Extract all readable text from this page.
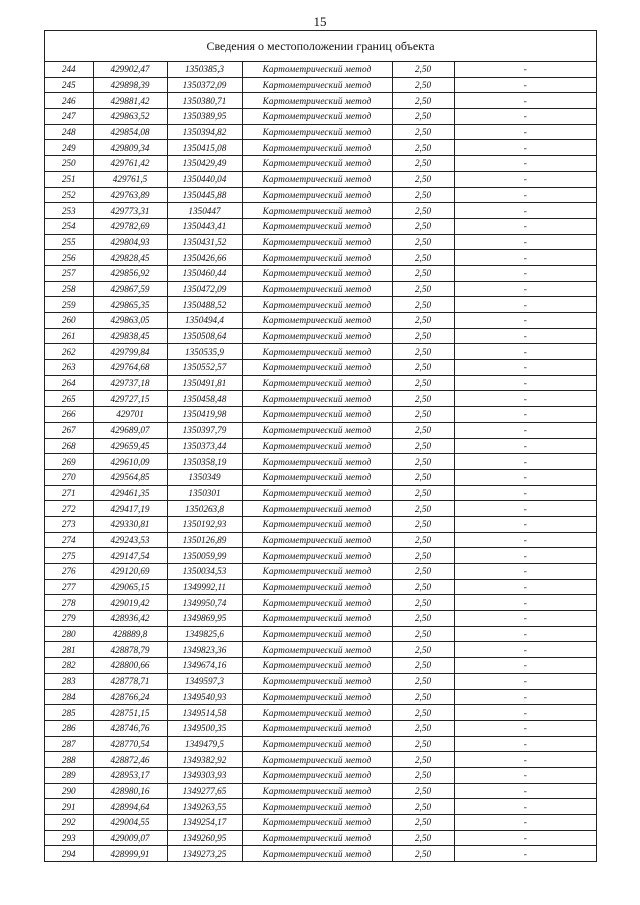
15
Сведения о местоположении границ объекта
244	429902,47	1350385,3	Картометрический метод	2,50	-
245	429898,39	1350372,09	Картометрический метод	2,50	-
246	429881,42	1350380,71	Картометрический метод	2,50	-
247	429863,52	1350389,95	Картометрический метод	2,50	-
248	429854,08	1350394,82	Картометрический метод	2,50	-
249	429809,34	1350415,08	Картометрический метод	2,50	-
250	429761,42	1350429,49	Картометрический метод	2,50	-
251	429761,5	1350440,04	Картометрический метод	2,50	-
252	429763,89	1350445,88	Картометрический метод	2,50	-
253	429773,31	1350447	Картометрический метод	2,50	-
254	429782,69	1350443,41	Картометрический метод	2,50	-
255	429804,93	1350431,52	Картометрический метод	2,50	-
256	429828,45	1350426,66	Картометрический метод	2,50	-
257	429856,92	1350460,44	Картометрический метод	2,50	-
258	429867,59	1350472,09	Картометрический метод	2,50	-
259	429865,35	1350488,52	Картометрический метод	2,50	-
260	429863,05	1350494,4	Картометрический метод	2,50	-
261	429838,45	1350508,64	Картометрический метод	2,50	-
262	429799,84	1350535,9	Картометрический метод	2,50	-
263	429764,68	1350552,57	Картометрический метод	2,50	-
264	429737,18	1350491,81	Картометрический метод	2,50	-
265	429727,15	1350458,48	Картометрический метод	2,50	-
266	429701	1350419,98	Картометрический метод	2,50	-
267	429689,07	1350397,79	Картометрический метод	2,50	-
268	429659,45	1350373,44	Картометрический метод	2,50	-
269	429610,09	1350358,19	Картометрический метод	2,50	-
270	429564,85	1350349	Картометрический метод	2,50	-
271	429461,35	1350301	Картометрический метод	2,50	-
272	429417,19	1350263,8	Картометрический метод	2,50	-
273	429330,81	1350192,93	Картометрический метод	2,50	-
274	429243,53	1350126,89	Картометрический метод	2,50	-
275	429147,54	1350059,99	Картометрический метод	2,50	-
276	429120,69	1350034,53	Картометрический метод	2,50	-
277	429065,15	1349992,11	Картометрический метод	2,50	-
278	429019,42	1349950,74	Картометрический метод	2,50	-
279	428936,42	1349869,95	Картометрический метод	2,50	-
280	428889,8	1349825,6	Картометрический метод	2,50	-
281	428878,79	1349823,36	Картометрический метод	2,50	-
282	428800,66	1349674,16	Картометрический метод	2,50	-
283	428778,71	1349597,3	Картометрический метод	2,50	-
284	428766,24	1349540,93	Картометрический метод	2,50	-
285	428751,15	1349514,58	Картометрический метод	2,50	-
286	428746,76	1349500,35	Картометрический метод	2,50	-
287	428770,54	1349479,5	Картометрический метод	2,50	-
288	428872,46	1349382,92	Картометрический метод	2,50	-
289	428953,17	1349303,93	Картометрический метод	2,50	-
290	428980,16	1349277,65	Картометрический метод	2,50	-
291	428994,64	1349263,55	Картометрический метод	2,50	-
292	429004,55	1349254,17	Картометрический метод	2,50	-
293	429009,07	1349260,95	Картометрический метод	2,50	-
294	428999,91	1349273,25	Картометрический метод	2,50	-
